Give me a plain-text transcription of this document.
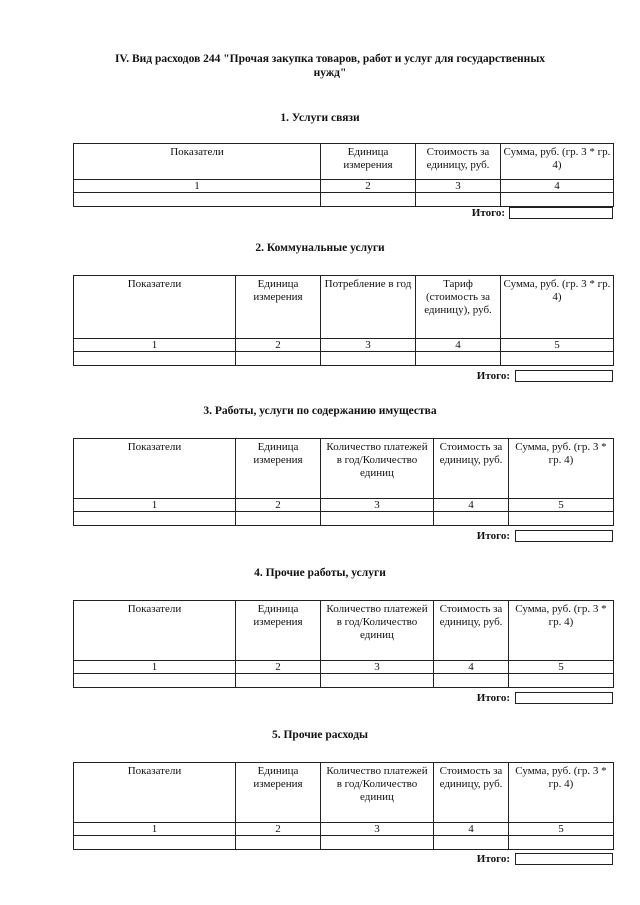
IV. Вид расходов 244 "Прочая закупка товаров, работ и услуг для государственных
нужд"
1. Услуги связи
Показатели	Единица измерения	Стоимость за единицу, руб.	Сумма, руб. (гр. 3 * гр. 4)
1	2	3	4

Итого:
2. Коммунальные услуги
Показатели	Единица измерения	Потребление в год	Тариф (стоимость за единицу), руб.	Сумма, руб. (гр. 3 * гр. 4)
1	2	3	4	5

Итого:
3. Работы, услуги по содержанию имущества
Показатели	Единица измерения	Количество платежей в год/Количество единиц	Стоимость за единицу, руб.	Сумма, руб. (гр. 3 * гр. 4)
1	2	3	4	5

Итого:
4. Прочие работы, услуги
Показатели	Единица измерения	Количество платежей в год/Количество единиц	Стоимость за единицу, руб.	Сумма, руб. (гр. 3 * гр. 4)
1	2	3	4	5

Итого:
5. Прочие расходы
Показатели	Единица измерения	Количество платежей в год/Количество единиц	Стоимость за единицу, руб.	Сумма, руб. (гр. 3 * гр. 4)
1	2	3	4	5

Итого:
